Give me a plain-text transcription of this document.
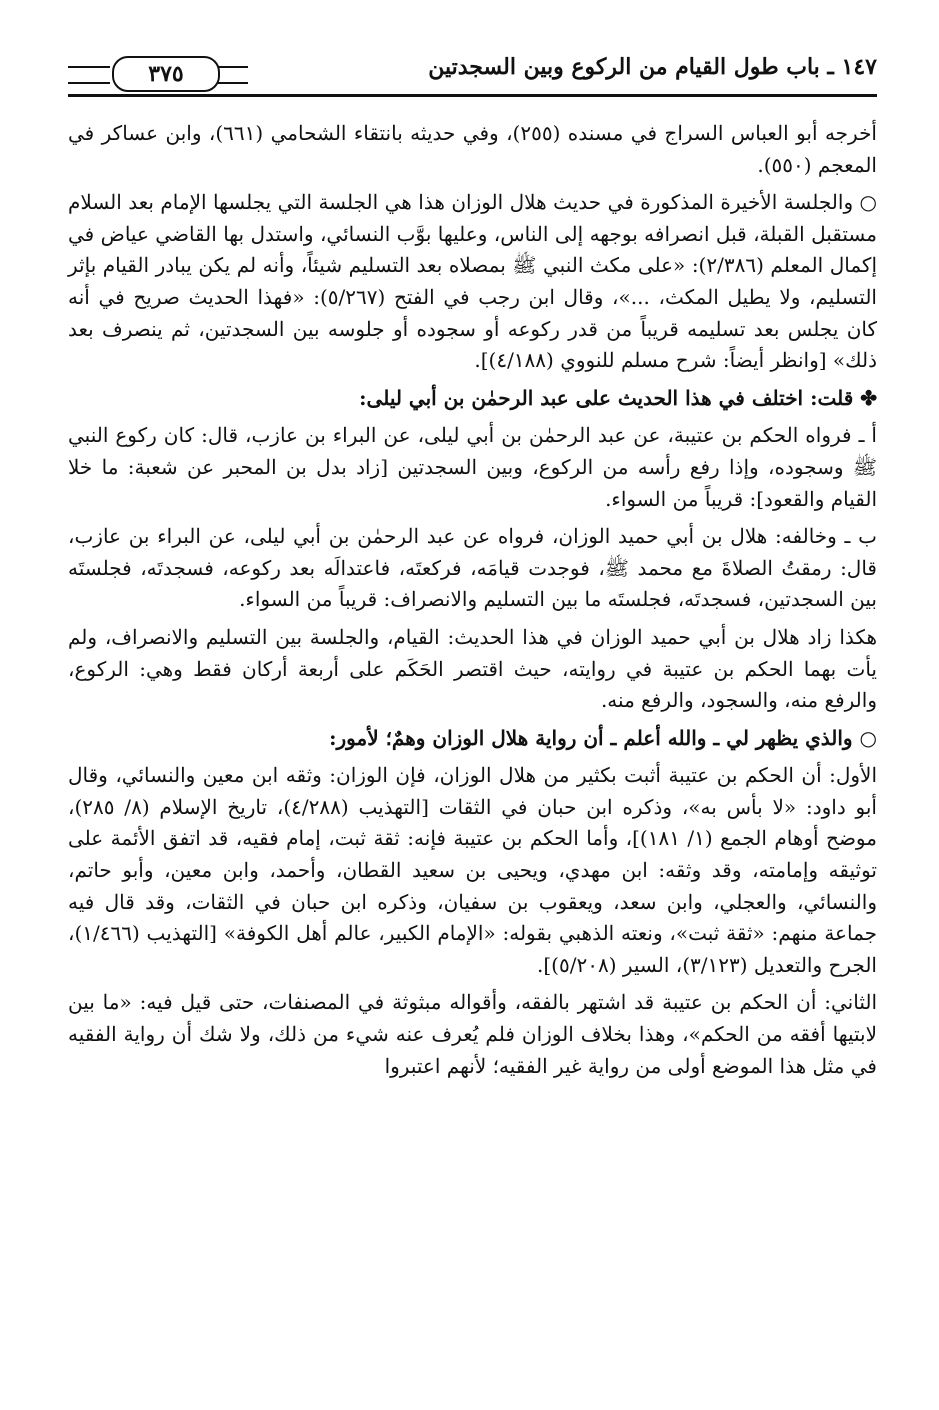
١٤٧ ـ باب طول القيام من الركوع وبين السجدتين
٣٧٥

أخرجه أبو العباس السراج في مسنده (٢٥٥)، وفي حديثه بانتقاء الشحامي (٦٦١)، وابن عساكر في المعجم (٥٥٠).

○ والجلسة الأخيرة المذكورة في حديث هلال الوزان هذا هي الجلسة التي يجلسها الإمام بعد السلام مستقبل القبلة، قبل انصرافه بوجهه إلى الناس، وعليها بوَّب النسائي، واستدل بها القاضي عياض في إكمال المعلم (٢/٣٨٦): «على مكث النبي ﷺ بمصلاه بعد التسليم شيئاً، وأنه لم يكن يبادر القيام بإثر التسليم، ولا يطيل المكث، ...»، وقال ابن رجب في الفتح (٥/٢٦٧): «فهذا الحديث صريح في أنه كان يجلس بعد تسليمه قريباً من قدر ركوعه أو سجوده أو جلوسه بين السجدتين، ثم ينصرف بعد ذلك» [وانظر أيضاً: شرح مسلم للنووي (٤/١٨٨)].

✤ قلت: اختلف في هذا الحديث على عبد الرحمٰن بن أبي ليلى:

أ ـ فرواه الحكم بن عتيبة، عن عبد الرحمٰن بن أبي ليلى، عن البراء بن عازب، قال: كان ركوع النبي ﷺ وسجوده، وإذا رفع رأسه من الركوع، وبين السجدتين [زاد بدل بن المحبر عن شعبة: ما خلا القيام والقعود]: قريباً من السواء.

ب ـ وخالفه: هلال بن أبي حميد الوزان، فرواه عن عبد الرحمٰن بن أبي ليلى، عن البراء بن عازب، قال: رمقتُ الصلاةَ مع محمد ﷺ، فوجدت قيامَه، فركعتَه، فاعتدالَه بعد ركوعه، فسجدتَه، فجلستَه بين السجدتين، فسجدتَه، فجلستَه ما بين التسليم والانصراف: قريباً من السواء.

هكذا زاد هلال بن أبي حميد الوزان في هذا الحديث: القيام، والجلسة بين التسليم والانصراف، ولم يأت بهما الحكم بن عتيبة في روايته، حيث اقتصر الحَكَم على أربعة أركان فقط وهي: الركوع، والرفع منه، والسجود، والرفع منه.

○ والذي يظهر لي ـ والله أعلم ـ أن رواية هلال الوزان وهمٌ؛ لأمور:

الأول: أن الحكم بن عتيبة أثبت بكثير من هلال الوزان، فإن الوزان: وثقه ابن معين والنسائي، وقال أبو داود: «لا بأس به»، وذكره ابن حبان في الثقات [التهذيب (٤/٢٨٨)، تاريخ الإسلام (٨/ ٢٨٥)، موضح أوهام الجمع (١/ ١٨١)]، وأما الحكم بن عتيبة فإنه: ثقة ثبت، إمام فقيه، قد اتفق الأئمة على توثيقه وإمامته، وقد وثقه: ابن مهدي، ويحيى بن سعيد القطان، وأحمد، وابن معين، وأبو حاتم، والنسائي، والعجلي، وابن سعد، ويعقوب بن سفيان، وذكره ابن حبان في الثقات، وقد قال فيه جماعة منهم: «ثقة ثبت»، ونعته الذهبي بقوله: «الإمام الكبير، عالم أهل الكوفة» [التهذيب (١/٤٦٦)، الجرح والتعديل (٣/١٢٣)، السير (٥/٢٠٨)].

الثاني: أن الحكم بن عتيبة قد اشتهر بالفقه، وأقواله مبثوثة في المصنفات، حتى قيل فيه: «ما بين لابتيها أفقه من الحكم»، وهذا بخلاف الوزان فلم يُعرف عنه شيء من ذلك، ولا شك أن رواية الفقيه في مثل هذا الموضع أولى من رواية غير الفقيه؛ لأنهم اعتبروا
